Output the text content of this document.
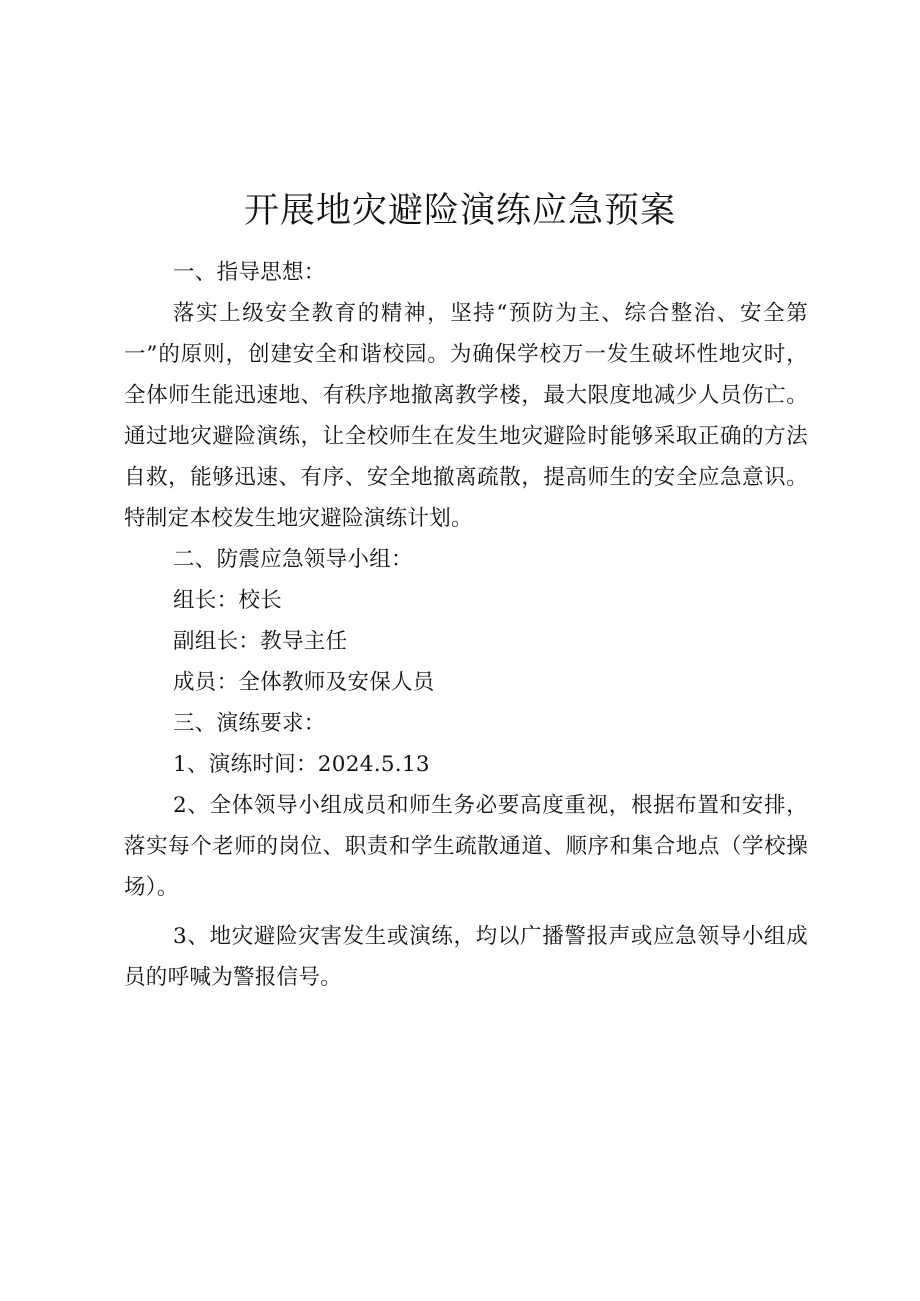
开展地灾避险演练应急预案

一、指导思想：

落实上级安全教育的精神，坚持“预防为主、综合整治、安全第一”的原则，创建安全和谐校园。为确保学校万一发生破坏性地灾时，全体师生能迅速地、有秩序地撤离教学楼，最大限度地减少人员伤亡。通过地灾避险演练，让全校师生在发生地灾避险时能够采取正确的方法自救，能够迅速、有序、安全地撤离疏散，提高师生的安全应急意识。特制定本校发生地灾避险演练计划。

二、防震应急领导小组：

组长：校长

副组长：教导主任

成员：全体教师及安保人员

三、演练要求：

1、演练时间：2024.5.13

2、全体领导小组成员和师生务必要高度重视，根据布置和安排，落实每个老师的岗位、职责和学生疏散通道、顺序和集合地点（学校操场）。

3、地灾避险灾害发生或演练，均以广播警报声或应急领导小组成员的呼喊为警报信号。
